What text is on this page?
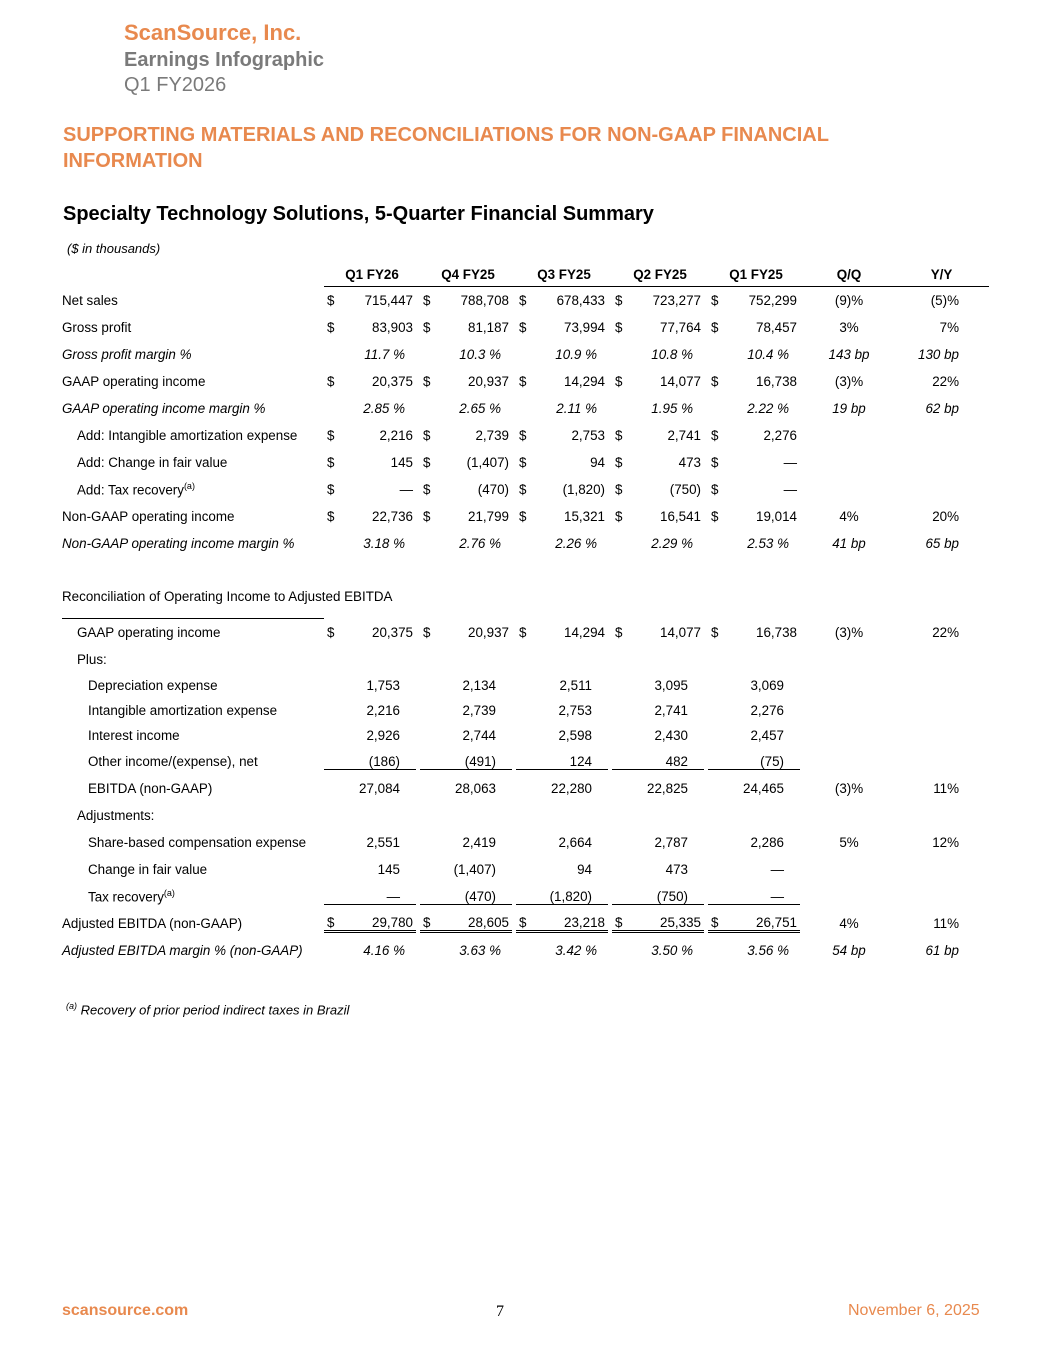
ScanSource, Inc.
Earnings Infographic
Q1 FY2026
SUPPORTING MATERIALS AND RECONCILIATIONS FOR NON-GAAP FINANCIAL INFORMATION
Specialty Technology Solutions, 5-Quarter Financial Summary
($ in thousands)
	Q1 FY26	Q4 FY25	Q3 FY25	Q2 FY25	Q1 FY25	Q/Q	Y/Y
Net sales	$ 715,447	$ 788,708	$ 678,433	$ 723,277	$ 752,299	(9)%	(5)%
Gross profit	$ 83,903	$ 81,187	$ 73,994	$ 77,764	$ 78,457	3%	7%
Gross profit margin %	11.7 %	10.3 %	10.9 %	10.8 %	10.4 %	143 bp	130 bp
GAAP operating income	$ 20,375	$ 20,937	$ 14,294	$ 14,077	$ 16,738	(3)%	22%
GAAP operating income margin %	2.85 %	2.65 %	2.11 %	1.95 %	2.22 %	19 bp	62 bp
Add: Intangible amortization expense	$ 2,216	$ 2,739	$ 2,753	$ 2,741	$ 2,276		

Add: Change in fair value	$ 145	$ (1,407)	$ 94	$ 473	$ —		

Add: Tax recovery$^{(a)}$	$ —	$ (470)	$ (1,820)	$ (750)	$ —		

Non-GAAP operating income	$ 22,736	$ 21,799	$ 15,321	$ 16,541	$ 19,014	4%	20%
Non-GAAP operating income margin %	3.18 %	2.76 %	2.26 %	2.29 %	2.53 %	41 bp	65 bp

Reconciliation of Operating Income to Adjusted EBITDA							
GAAP operating income	$ 20,375	$ 20,937	$ 14,294	$ 14,077	$ 16,738	(3)%	22%
Plus:							
Depreciation expense	1,753	2,134	2,511	3,095	3,069		

Intangible amortization expense	2,216	2,739	2,753	2,741	2,276		

Interest income	2,926	2,744	2,598	2,430	2,457		

Other income/(expense), net	(186)	(491)	124	482	(75)		

EBITDA (non-GAAP)	27,084	28,063	22,280	22,825	24,465	(3)%	11%
Adjustments:							
Share-based compensation expense	2,551	2,419	2,664	2,787	2,286	5%	12%
Change in fair value	145	(1,407)	94	473	—		

Tax recovery$^{(a)}$	—	(470)	(1,820)	(750)	—		

Adjusted EBITDA (non-GAAP)	$ 29,780	$ 28,605	$ 23,218	$ 25,335	$ 26,751	4%	11%
Adjusted EBITDA margin % (non-GAAP)	4.16 %	3.63 %	3.42 %	3.50 %	3.56 %	54 bp	61 bp
$^{(a)}$ Recovery of prior period indirect taxes in Brazil
scansource.com	7	November 6, 2025
